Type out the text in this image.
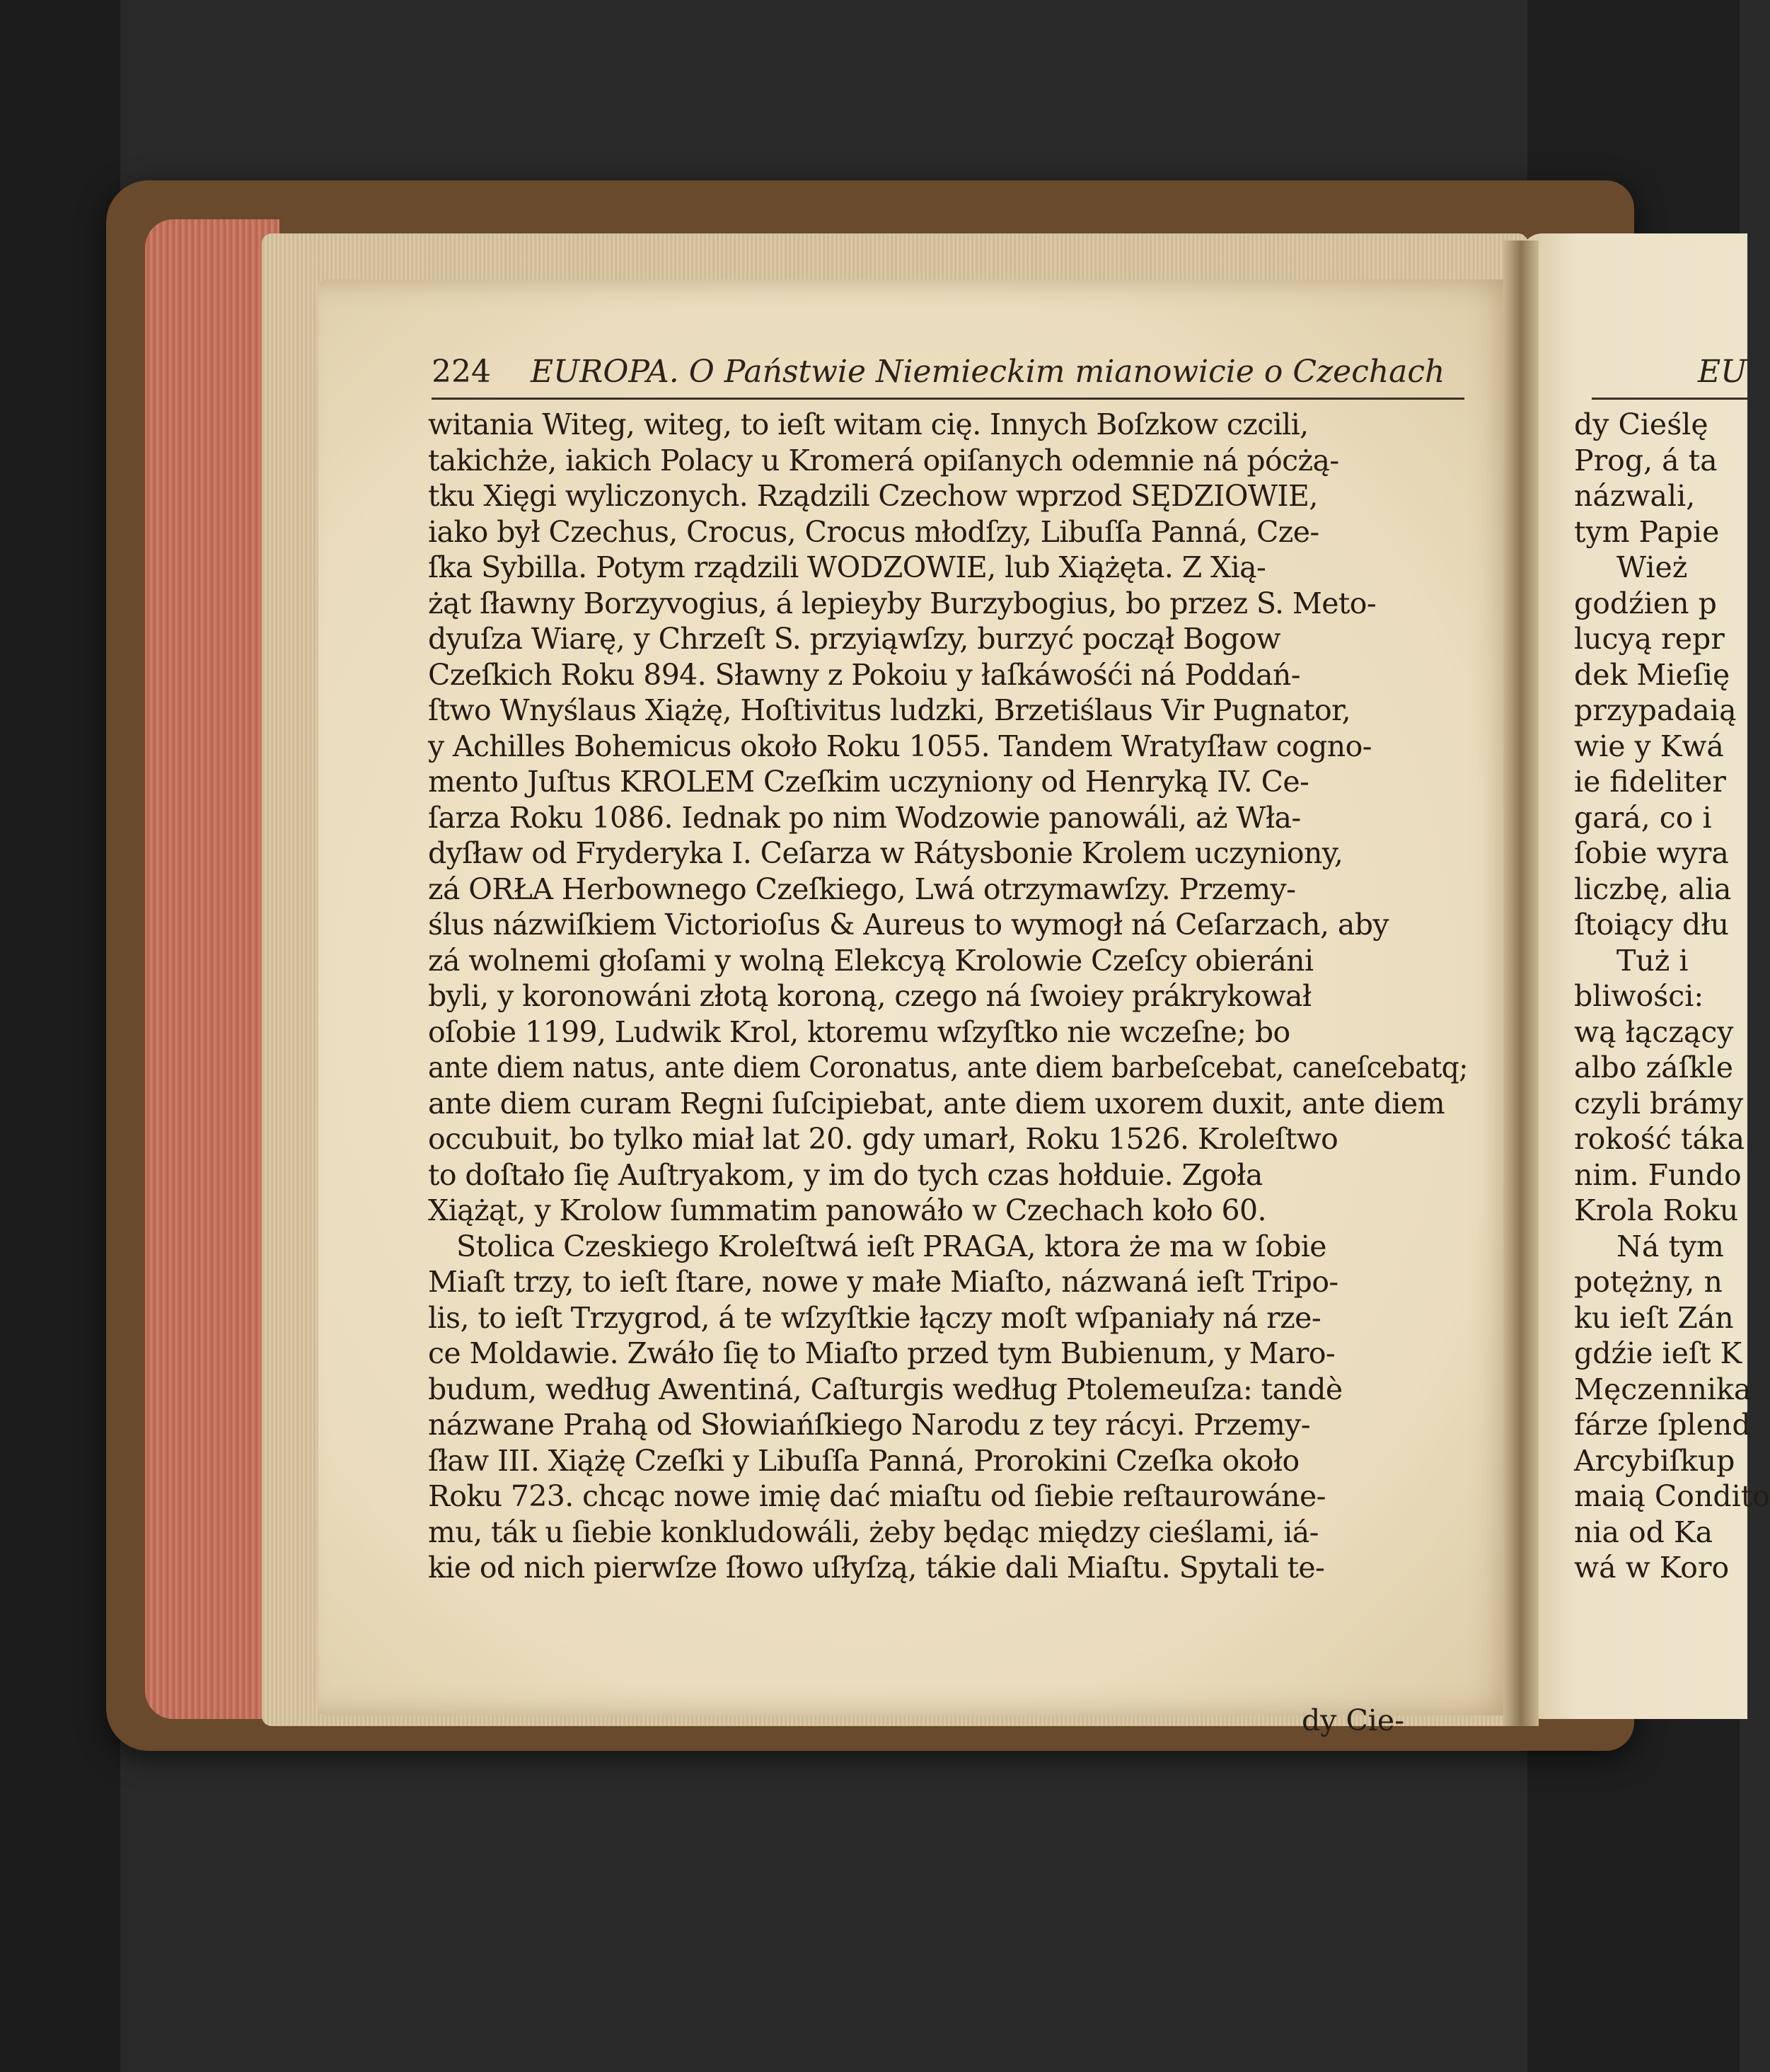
224 EUROPA. O Państwie Niemieckim mianowicie o Czechach
witania Witeg, witeg, to ieſt witam cię. Innych Boſzkow czcili,
takichże, iakich Polacy u Kromerá opiſanych odemnie ná pócżą-
tku Xięgi wyliczonych. Rządzili Czechow wprzod SĘDZIOWIE,
iako był Czechus, Crocus, Crocus młodſzy, Libuſſa Panná, Cze-
ſka Sybilla. Potym rządzili WODZOWIE, lub Xiążęta. Z Xią-
żąt ſławny Borzyvogius, á lepieyby Burzybogius, bo przez S. Meto-
dyuſza Wiarę, y Chrzeſt S. przyiąwſzy, burzyć począł Bogow
Czeſkich Roku 894. Sławny z Pokoiu y łaſkáwośći ná Poddań-
ſtwo Wnyślaus Xiążę, Hoſtivitus ludzki, Brzetiślaus Vir Pugnator,
y Achilles Bohemicus około Roku 1055. Tandem Wratyſław cogno-
mento Juſtus KROLEM Czeſkim uczyniony od Henryką IV. Ce-
ſarza Roku 1086. Iednak po nim Wodzowie panowáli, aż Wła-
dyſław od Fryderyka I. Ceſarza w Rátysbonie Krolem uczyniony,
zá ORŁA Herbownego Czeſkiego, Lwá otrzymawſzy. Przemy-
ślus názwiſkiem Victorioſus & Aureus to wymogł ná Ceſarzach, aby
zá wolnemi głoſami y wolną Elekcyą Krolowie Czeſcy obieráni
byli, y koronowáni złotą koroną, czego ná ſwoiey prákrykował
oſobie 1199, Ludwik Krol, ktoremu wſzyſtko nie wczeſne; bo
ante diem natus, ante diem Coronatus, ante diem barbeſcebat, caneſcebatq;
ante diem curam Regni ſuſcipiebat, ante diem uxorem duxit, ante diem
occubuit, bo tylko miał lat 20. gdy umarł, Roku 1526. Kroleſtwo
to doſtało ſię Auſtryakom, y im do tych czas hołduie. Zgoła
Xiążąt, y Krolow ſummatim panowáło w Czechach koło 60.
Stolica Czeskiego Kroleſtwá ieſt PRAGA, ktora że ma w ſobie
Miaſt trzy, to ieſt ſtare, nowe y małe Miaſto, názwaná ieſt Tripo-
lis, to ieſt Trzygrod, á te wſzyſtkie łączy moſt wſpaniały ná rze-
ce Moldawie. Zwáło ſię to Miaſto przed tym Bubienum, y Maro-
budum, według Awentiná, Caſturgis według Ptolemeuſza: tandè
názwane Prahą od Słowiańſkiego Narodu z tey rácyi. Przemy-
ſław III. Xiążę Czeſki y Libuſſa Panná, Prorokini Czeſka około
Roku 723. chcąc nowe imię dać miaſtu od ſiebie reſtaurowáne-
mu, ták u ſiebie konkludowáli, żeby będąc między cieślami, iá-
kie od nich pierwſze ſłowo uſłyſzą, tákie dali Miaſtu. Spytali te-
dy Cie-
EU
dy Cieślę
Prog, á ta
názwali,
tym Papie
Wież
godźien p
lucyą repr
dek Mieſię
przypadaią
wie y Kwá
ie fideliter
gará, co i
ſobie wyra
liczbę, alia
ſtoiący dłu
Tuż i
bliwości:
wą łączący
albo záſkle
czyli brámy
rokość táka
nim. Fundo
Krola Roku
Ná tym
potężny, n
ku ieſt Zán
gdźie ieſt K
Męczennika
fárze ſplend
Arcybiſkup
maią Condito
nia od Ka
wá w Koro
